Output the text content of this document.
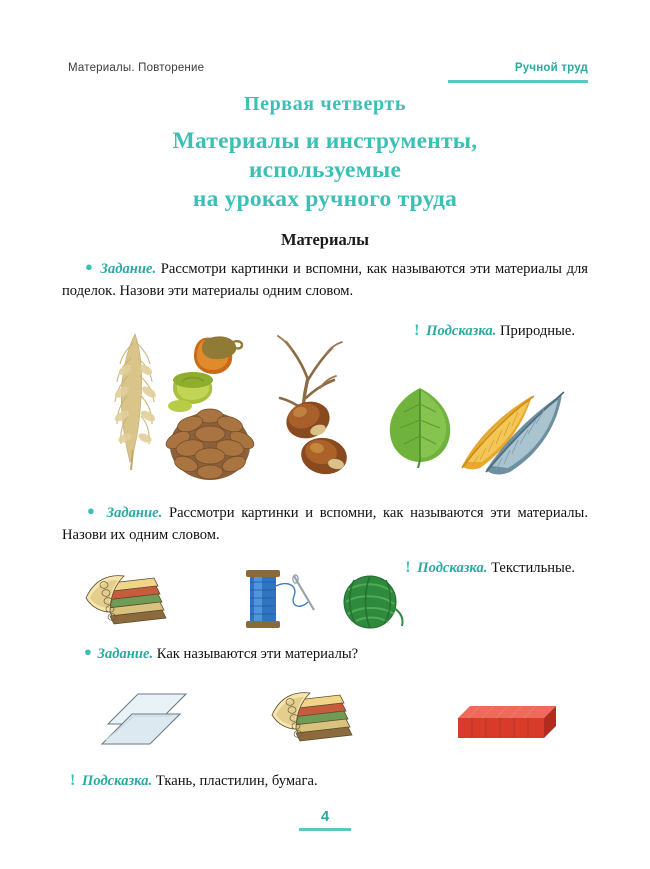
Материалы. Повторение	Ручной труд
Первая четверть
Материалы и инструменты,
используемые
на уроках ручного труда
Материалы
● Задание. Рассмотри картинки и вспомни, как называются эти материалы для поделок. Назови эти материалы одним словом.
! Подсказка. Природные.
● Задание. Рассмотри картинки и вспомни, как называются эти материалы. Назови их одним словом.
! Подсказка. Текстильные.
● Задание. Как называются эти материалы?
! Подсказка. Ткань, пластилин, бумага.
4
